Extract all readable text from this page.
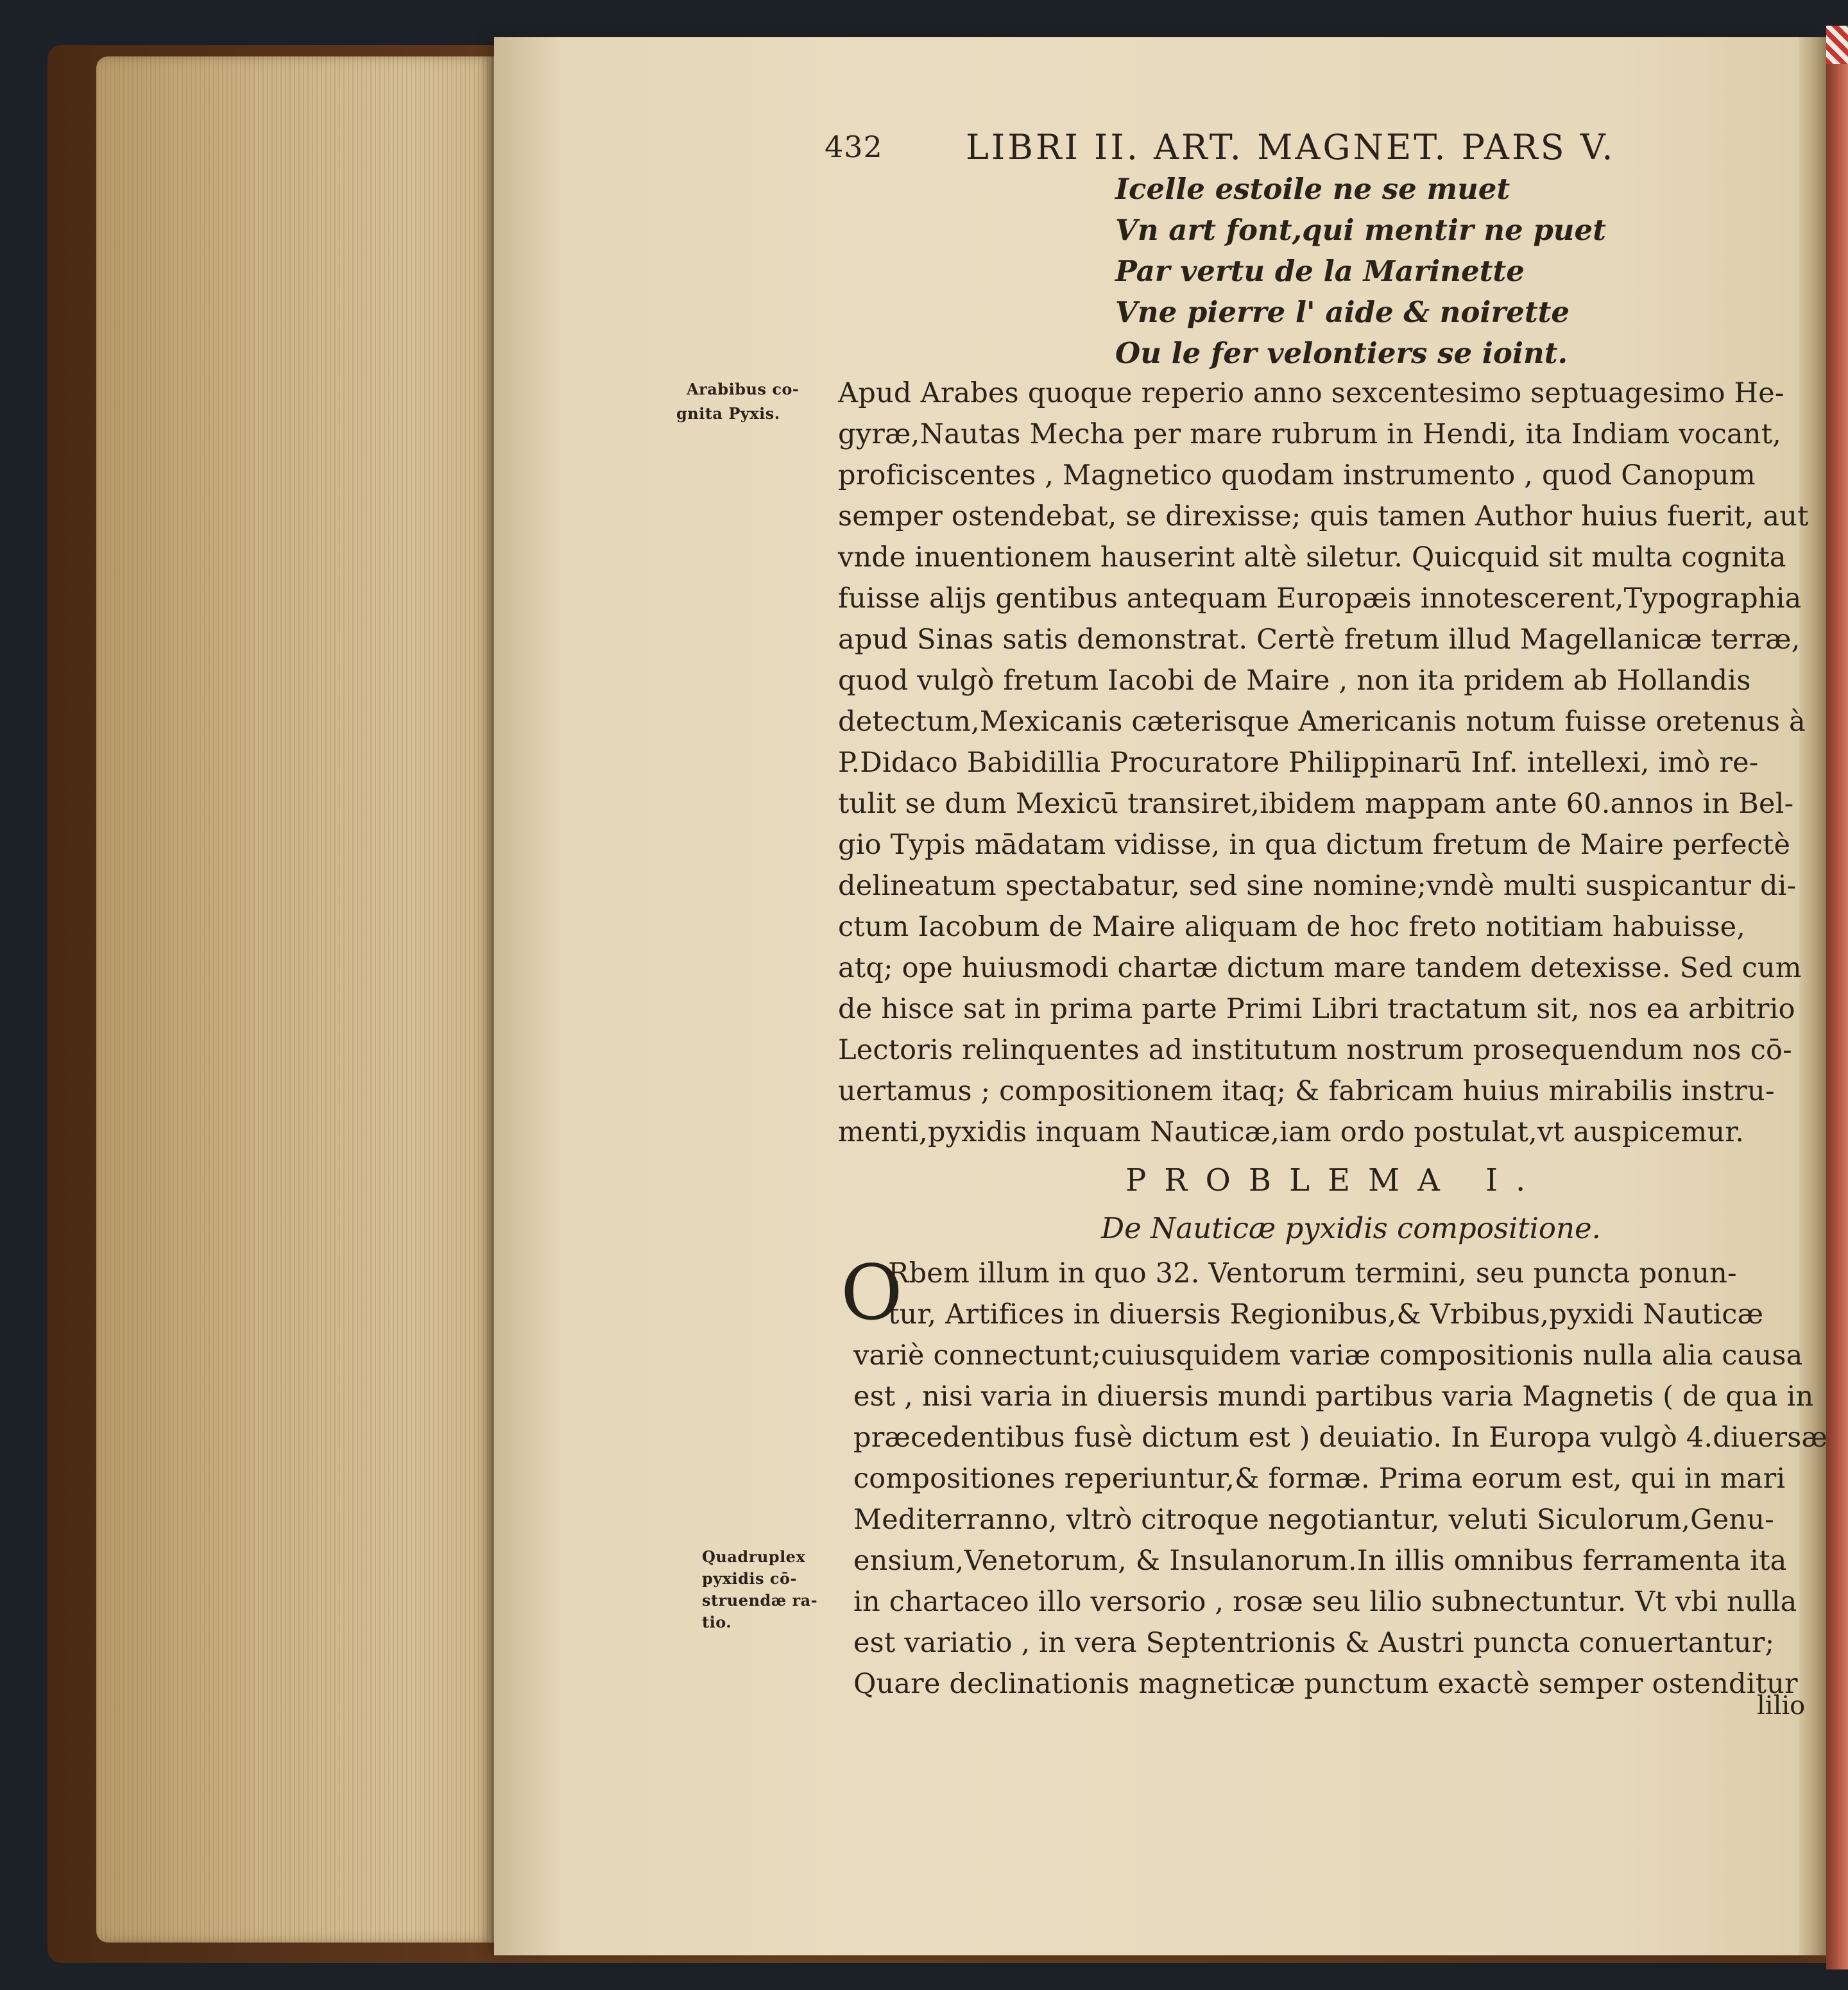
432 LIBRI II. ART. MAGNET. PARS V.
Icelle estoile ne se muet
Vn art font,qui mentir ne puet
Par vertu de la Marinette
Vne pierre l' aide & noirette
Ou le fer velontiers se ioint.
Arabibus co-
gnita Pyxis.
Apud Arabes quoque reperio anno sexcentesimo septuagesimo He-
gyræ,Nautas Mecha per mare rubrum in Hendi, ita Indiam vocant,
proficiscentes , Magnetico quodam instrumento , quod Canopum
semper ostendebat, se direxisse; quis tamen Author huius fuerit, aut
vnde inuentionem hauserint altè siletur. Quicquid sit multa cognita
fuisse alijs gentibus antequam Europæis innotescerent,Typographia
apud Sinas satis demonstrat. Certè fretum illud Magellanicæ terræ,
quod vulgò fretum Iacobi de Maire , non ita pridem ab Hollandis
detectum,Mexicanis cæterisque Americanis notum fuisse oretenus à
P.Didaco Babidillia Procuratore Philippinarū Inf. intellexi, imò re-
tulit se dum Mexicū transiret,ibidem mappam ante 60.annos in Bel-
gio Typis mādatam vidisse, in qua dictum fretum de Maire perfectè
delineatum spectabatur, sed sine nomine;vndè multi suspicantur di-
ctum Iacobum de Maire aliquam de hoc freto notitiam habuisse,
atq; ope huiusmodi chartæ dictum mare tandem detexisse. Sed cum
de hisce sat in prima parte Primi Libri tractatum sit, nos ea arbitrio
Lectoris relinquentes ad institutum nostrum prosequendum nos cō-
uertamus ; compositionem itaq; & fabricam huius mirabilis instru-
menti,pyxidis inquam Nauticæ,iam ordo postulat,vt auspicemur.
PROBLEMA I.
De Nauticæ pyxidis compositione.
O
Rbem illum in quo 32. Ventorum termini, seu puncta ponun-
tur, Artifices in diuersis Regionibus,& Vrbibus,pyxidi Nauticæ
variè connectunt;cuiusquidem variæ compositionis nulla alia causa
est , nisi varia in diuersis mundi partibus varia Magnetis ( de qua in
præcedentibus fusè dictum est ) deuiatio. In Europa vulgò 4.diuersæ
compositiones reperiuntur,& formæ. Prima eorum est, qui in mari
Mediterranno, vltrò citroque negotiantur, veluti Siculorum,Genu-
ensium,Venetorum, & Insulanorum.In illis omnibus ferramenta ita
in chartaceo illo versorio , rosæ seu lilio subnectuntur. Vt vbi nulla
est variatio , in vera Septentrionis & Austri puncta conuertantur;
Quare declinationis magneticæ punctum exactè semper ostenditur
Quadruplex
pyxidis cō-
struendæ ra-
tio.
lilio
